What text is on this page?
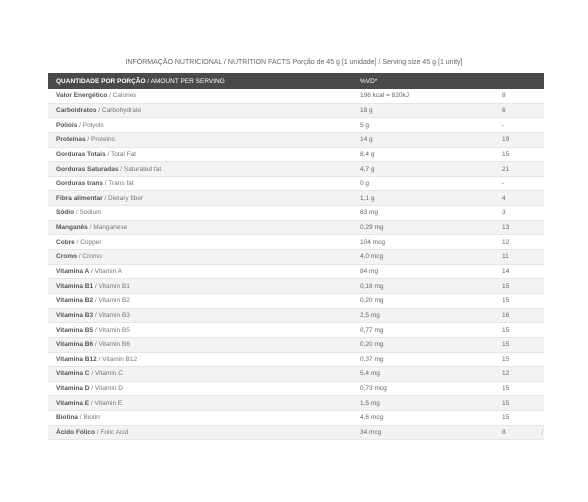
INFORMAÇÃO NUTRICIONAL / NUTRITION FACTS Porção de 45 g [1 unidade] / Serving size 45 g [1 unity]
QUANTIDADE POR PORÇÃO / AMOUNT PER SERVING	%VD*
Valor Energético / Calories	196 kcal = 820kJ	8
Carboidratos / Carbohydrate	18 g	6
Polióis / Polyols	5 g	-
Proteínas / Proteins	14 g	19
Gorduras Totais / Total Fat	8,4 g	15
Gorduras Saturadas / Saturated fat	4,7 g	21
Gorduras trans / Trans fat	0 g	-
Fibra alimentar / Dietary fiber	1,1 g	4
Sódio / Sodium	63 mg	3
Manganês / Manganese	0,29 mg	13
Cobre / Copper	104 mcg	12
Cromo / Cromo	4,0 mcg	11
Vitamina A / Vitamin A	84 mg	14
Vitamina B1 / Vitamin B1	0,18 mg	15
Vitamina B2 / Vitamin B2	0,20 mg	15
Vitamina B3 / Vitamin B3	2,5 mg	16
Vitamina B5 / Vitamin B5	0,77 mg	15
Vitamina B6 / Vitamin B6	0,20 mg	15
Vitamina B12 / Vitamin B12	0,37 mg	15
Vitamina C / Vitamin C	5,4 mg	12
Vitamina D / Vitamin D	0,73 mcg	15
Vitamina E / Vitamin E	1,5 mg	15
Biotina / Biotin	4,6 mcg	15
Ácido Fólico / Folic Acid	34 mcg	8	/
